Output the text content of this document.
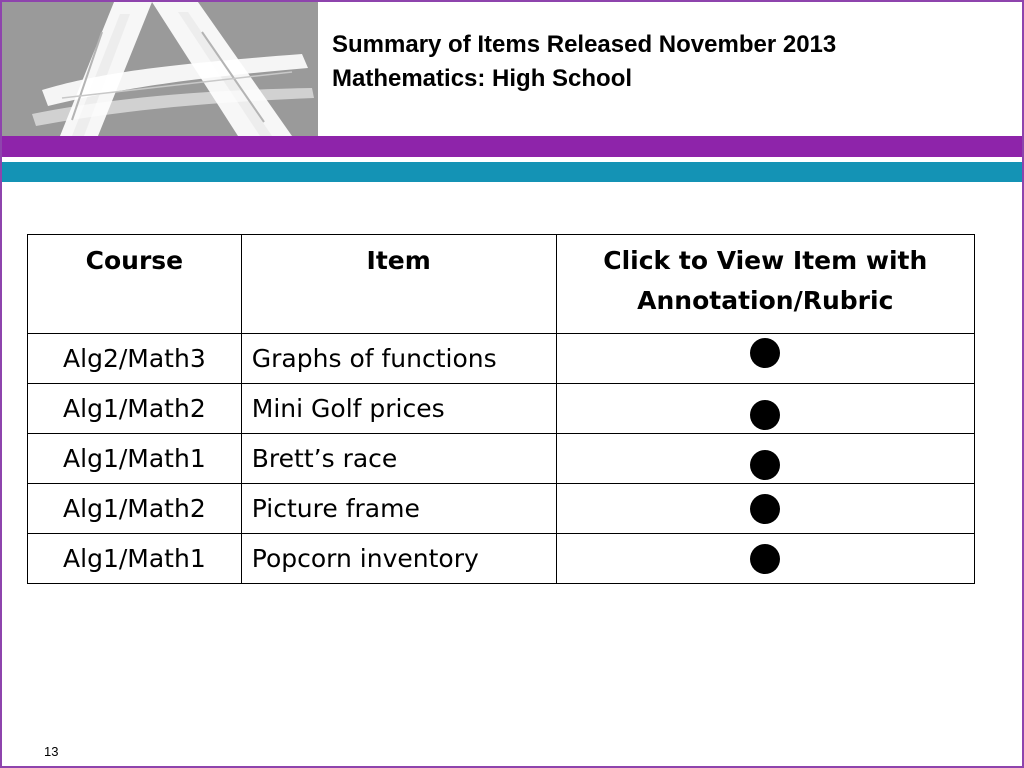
Summary of Items Released November 2013

Mathematics: High School

Course	Item	Click to View Item with Annotation/Rubric
Alg2/Math3	Graphs of functions	
Alg1/Math2	Mini Golf prices	
Alg1/Math1	Brett’s race	
Alg1/Math2	Picture frame	
Alg1/Math1	Popcorn inventory	
13
